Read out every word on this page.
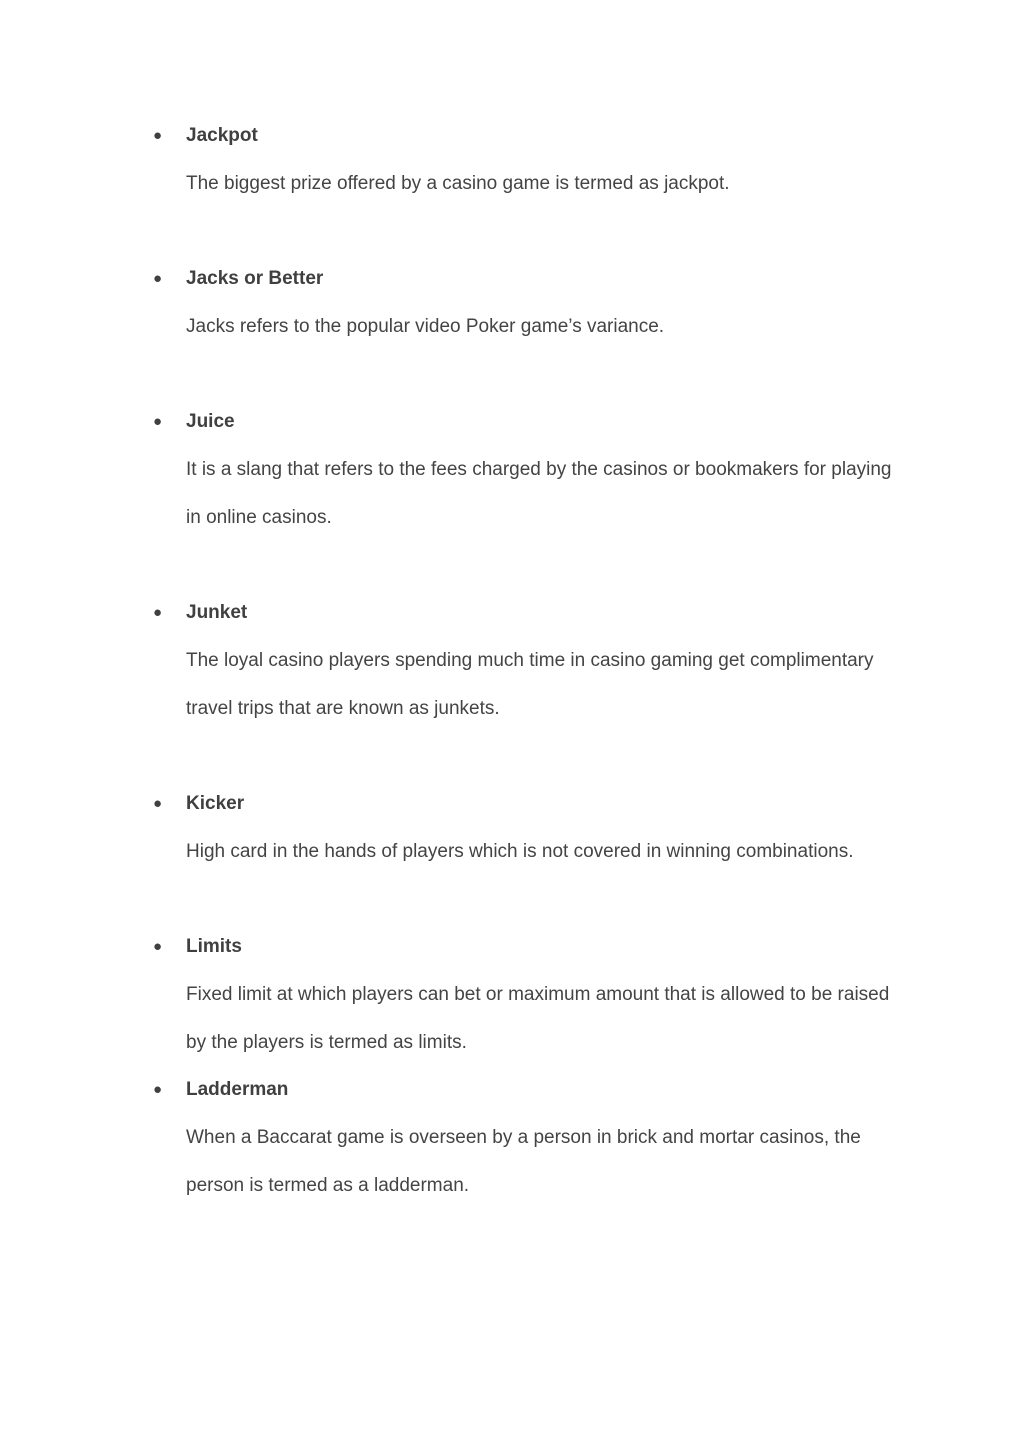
● Jackpot

The biggest prize offered by a casino game is termed as jackpot.

● Jacks or Better

Jacks refers to the popular video Poker game’s variance.

● Juice

It is a slang that refers to the fees charged by the casinos or bookmakers for playing in online casinos.

● Junket

The loyal casino players spending much time in casino gaming get complimentary travel trips that are known as junkets.

● Kicker

High card in the hands of players which is not covered in winning combinations.

● Limits

Fixed limit at which players can bet or maximum amount that is allowed to be raised by the players is termed as limits.

● Ladderman

When a Baccarat game is overseen by a person in brick and mortar casinos, the person is termed as a ladderman.
